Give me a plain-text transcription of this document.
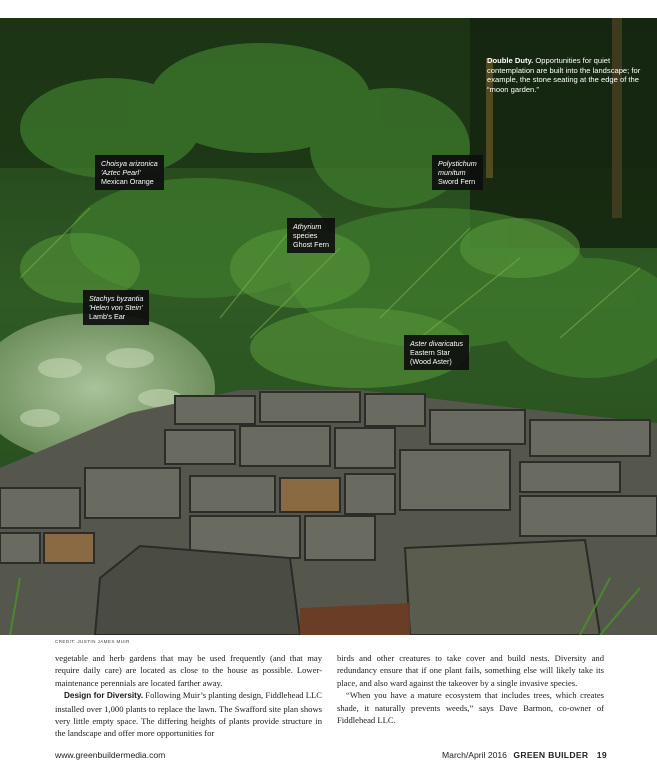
Choisya arizonica
'Aztec Pearl'
Mexican Orange
Polystichum
munitum
Sword Fern
Athyrium
species
Ghost Fern
Stachys byzantia
'Helen von Stein'
Lamb's Ear
Aster divaricatus
Eastern Star
(Wood Aster)
Double Duty. Opportunities for quiet contemplation are built into the landscape; for example, the stone seating at the edge of the “moon garden.”
CREDIT: JUSTIN JAMES MUIR

vegetable and herb gardens that may be used frequently (and that may require daily care) are located as close to the house as possible. Lower-maintenance perennials are located farther away.

Design for Diversity. Following Muir’s planting design, Fiddlehead LLC installed over 1,000 plants to replace the lawn. The Swafford site plan shows very little empty space. The differing heights of plants provide structure in the landscape and offer more opportunities for

birds and other creatures to take cover and build nests. Diversity and redundancy ensure that if one plant fails, something else will likely take its place, and also ward against the takeover by a single invasive species.

“When you have a mature ecosystem that includes trees, which creates shade, it naturally prevents weeds,” says Dave Barmon, co-owner of Fiddlehead LLC.

www.greenbuildermedia.com	March/April 2016 GREEN BUILDER 19
